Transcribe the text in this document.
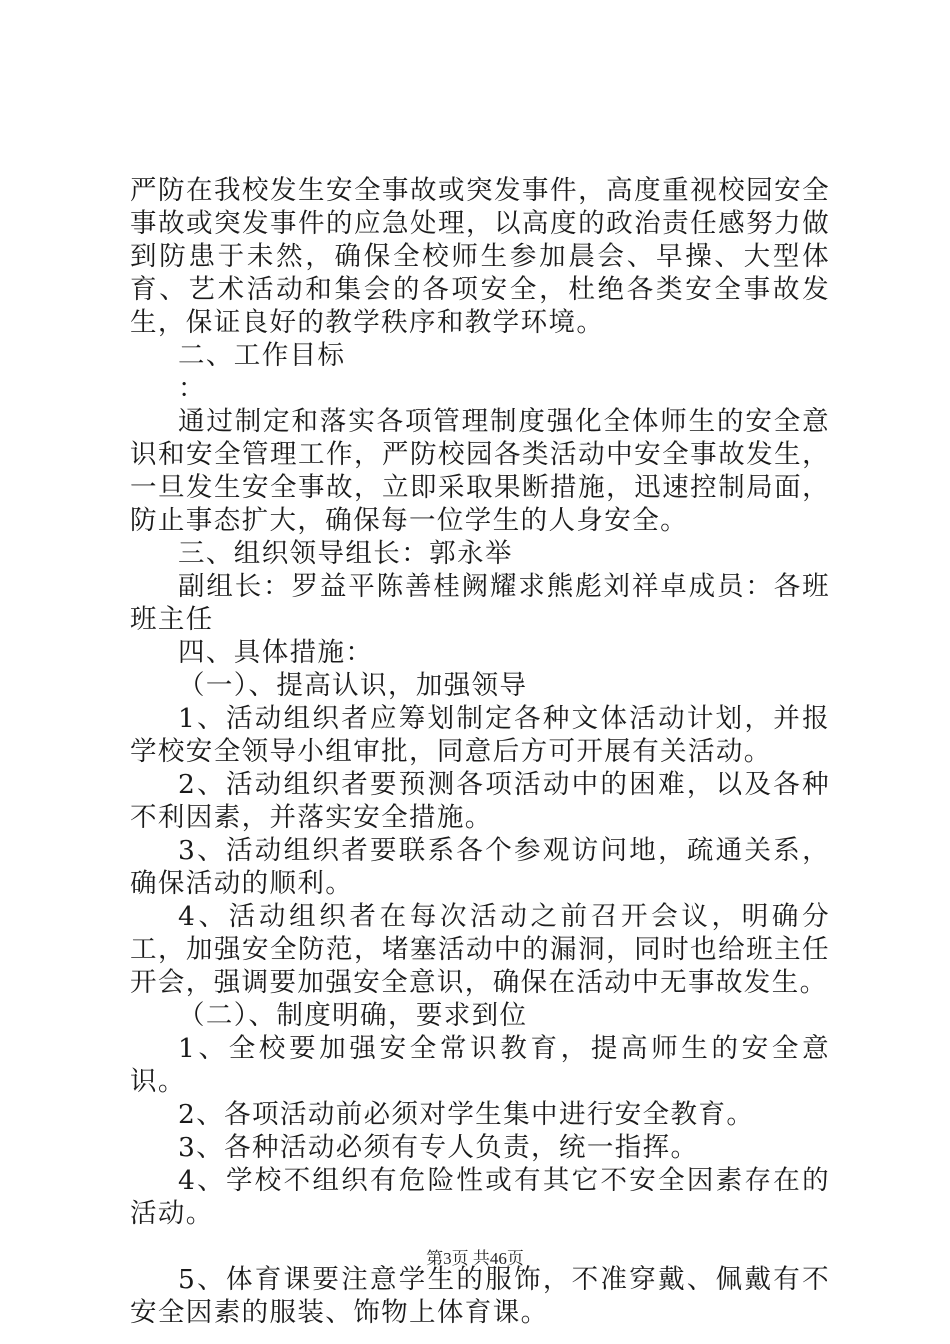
严防在我校发生安全事故或突发事件，高度重视校园安全事故或突发事件的应急处理，以高度的政治责任感努力做到防患于未然，确保全校师生参加晨会、早操、大型体育、艺术活动和集会的各项安全，杜绝各类安全事故发生，保证良好的教学秩序和教学环境。

二、工作目标

：

通过制定和落实各项管理制度强化全体师生的安全意识和安全管理工作，严防校园各类活动中安全事故发生，一旦发生安全事故，立即采取果断措施，迅速控制局面，防止事态扩大，确保每一位学生的人身安全。

三、组织领导组长：郭永举

副组长：罗益平陈善桂阙耀求熊彪刘祥卓成员：各班班主任

四、具体措施：

（一）、提高认识，加强领导

1、活动组织者应筹划制定各种文体活动计划，并报学校安全领导小组审批，同意后方可开展有关活动。

2、活动组织者要预测各项活动中的困难，以及各种不利因素，并落实安全措施。

3、活动组织者要联系各个参观访问地，疏通关系，确保活动的顺利。

4、活动组织者在每次活动之前召开会议，明确分工，加强安全防范，堵塞活动中的漏洞，同时也给班主任开会，强调要加强安全意识，确保在活动中无事故发生。

（二）、制度明确，要求到位

1、全校要加强安全常识教育，提高师生的安全意识。

2、各项活动前必须对学生集中进行安全教育。

3、各种活动必须有专人负责，统一指挥。

4、学校不组织有危险性或有其它不安全因素存在的活动。

5、体育课要注意学生的服饰，不准穿戴、佩戴有不安全因素的服装、饰物上体育课。

第3页 共46页
